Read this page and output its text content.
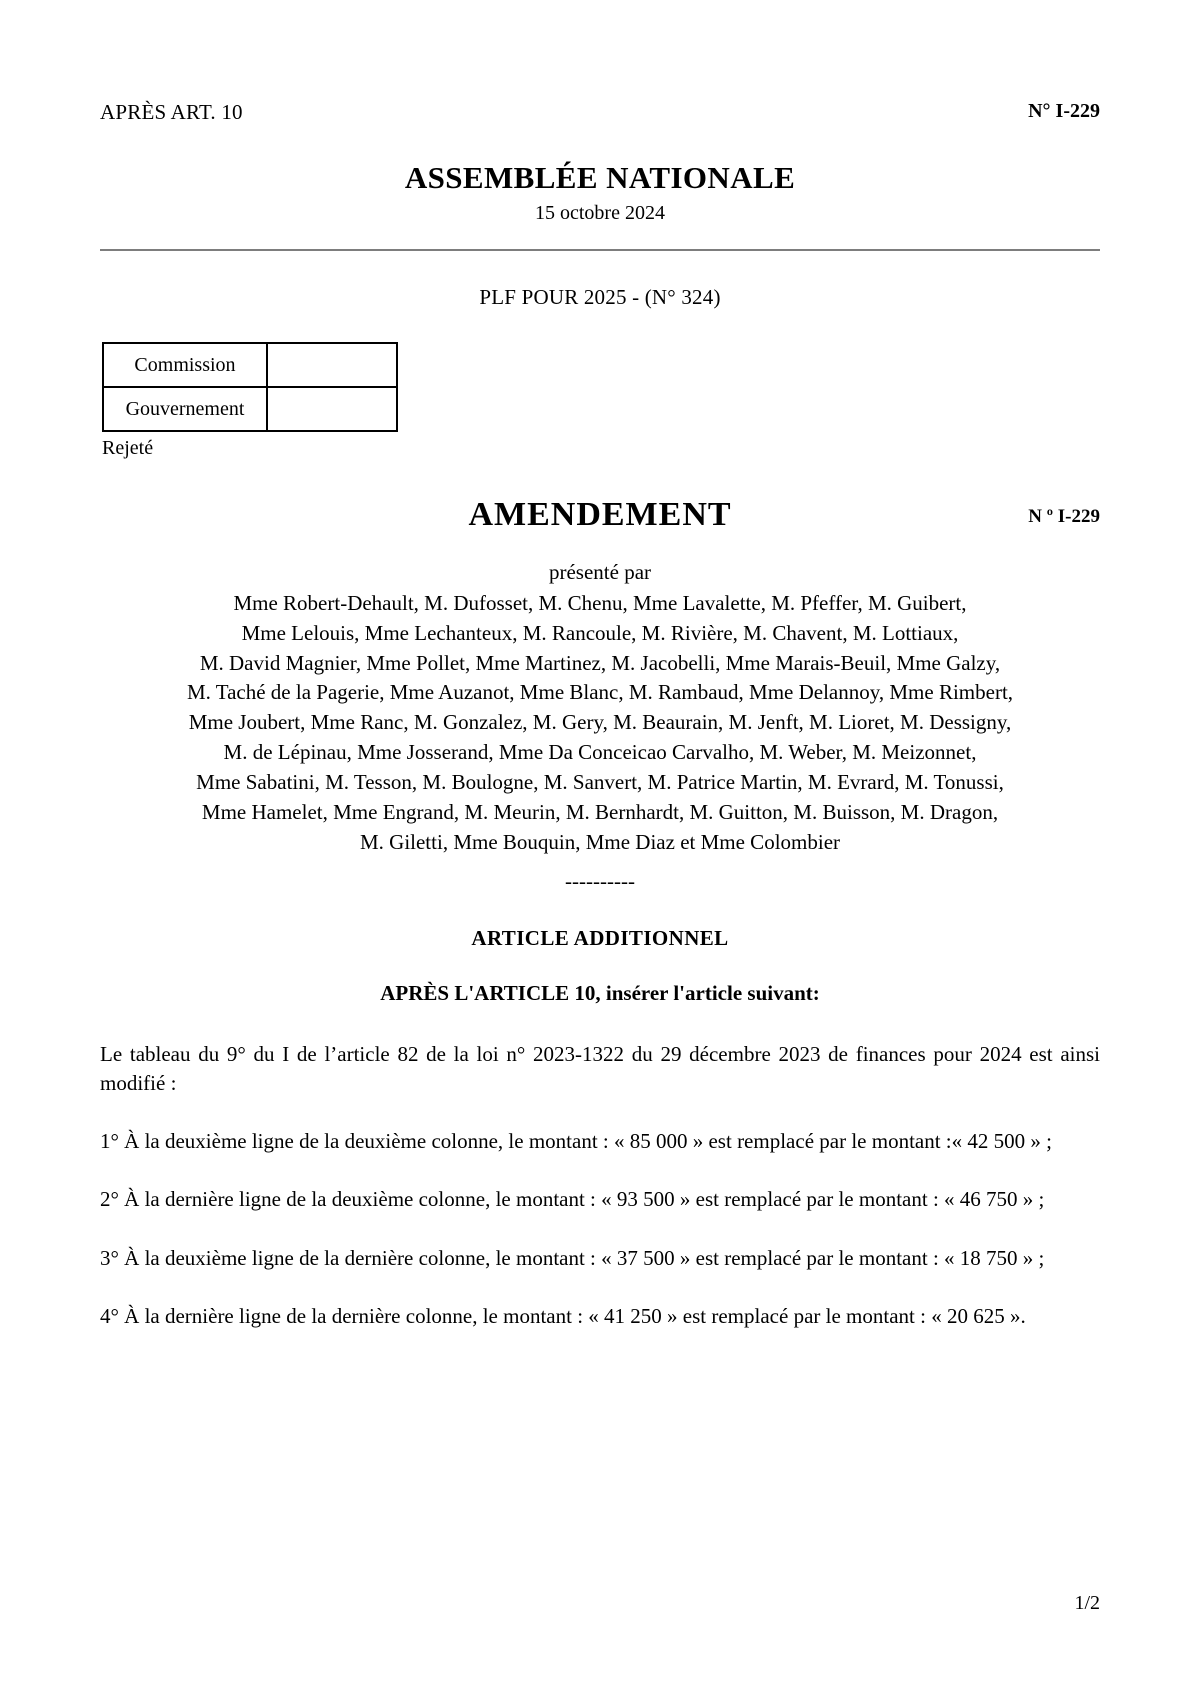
APRÈS ART. 10	N° I-229
ASSEMBLÉE NATIONALE
15 octobre 2024
PLF POUR 2025 - (N° 324)
Commission	
Gouvernement	
Rejeté
AMENDEMENT	N º I-229
présenté par
Mme Robert-Dehault, M. Dufosset, M. Chenu, Mme Lavalette, M. Pfeffer, M. Guibert,
Mme Lelouis, Mme Lechanteux, M. Rancoule, M. Rivière, M. Chavent, M. Lottiaux,
M. David Magnier, Mme Pollet, Mme Martinez, M. Jacobelli, Mme Marais-Beuil, Mme Galzy,
M. Taché de la Pagerie, Mme Auzanot, Mme Blanc, M. Rambaud, Mme Delannoy, Mme Rimbert,
Mme Joubert, Mme Ranc, M. Gonzalez, M. Gery, M. Beaurain, M. Jenft, M. Lioret, M. Dessigny,
M. de Lépinau, Mme Josserand, Mme Da Conceicao Carvalho, M. Weber, M. Meizonnet,
Mme Sabatini, M. Tesson, M. Boulogne, M. Sanvert, M. Patrice Martin, M. Evrard, M. Tonussi,
Mme Hamelet, Mme Engrand, M. Meurin, M. Bernhardt, M. Guitton, M. Buisson, M. Dragon,
M. Giletti, Mme Bouquin, Mme Diaz et Mme Colombier
----------
ARTICLE ADDITIONNEL
APRÈS L'ARTICLE 10, insérer l'article suivant:
Le tableau du 9° du I de l’article 82 de la loi n° 2023-1322 du 29 décembre 2023 de finances pour 2024 est ainsi modifié :
1° À la deuxième ligne de la deuxième colonne, le montant : « 85 000 » est remplacé par le montant :« 42 500 » ;
2° À la dernière ligne de la deuxième colonne, le montant : « 93 500 » est remplacé par le montant : « 46 750 » ;
3° À la deuxième ligne de la dernière colonne, le montant : « 37 500 » est remplacé par le montant : « 18 750 » ;
4° À la dernière ligne de la dernière colonne, le montant : « 41 250 » est remplacé par le montant : « 20 625 ».
1/2
